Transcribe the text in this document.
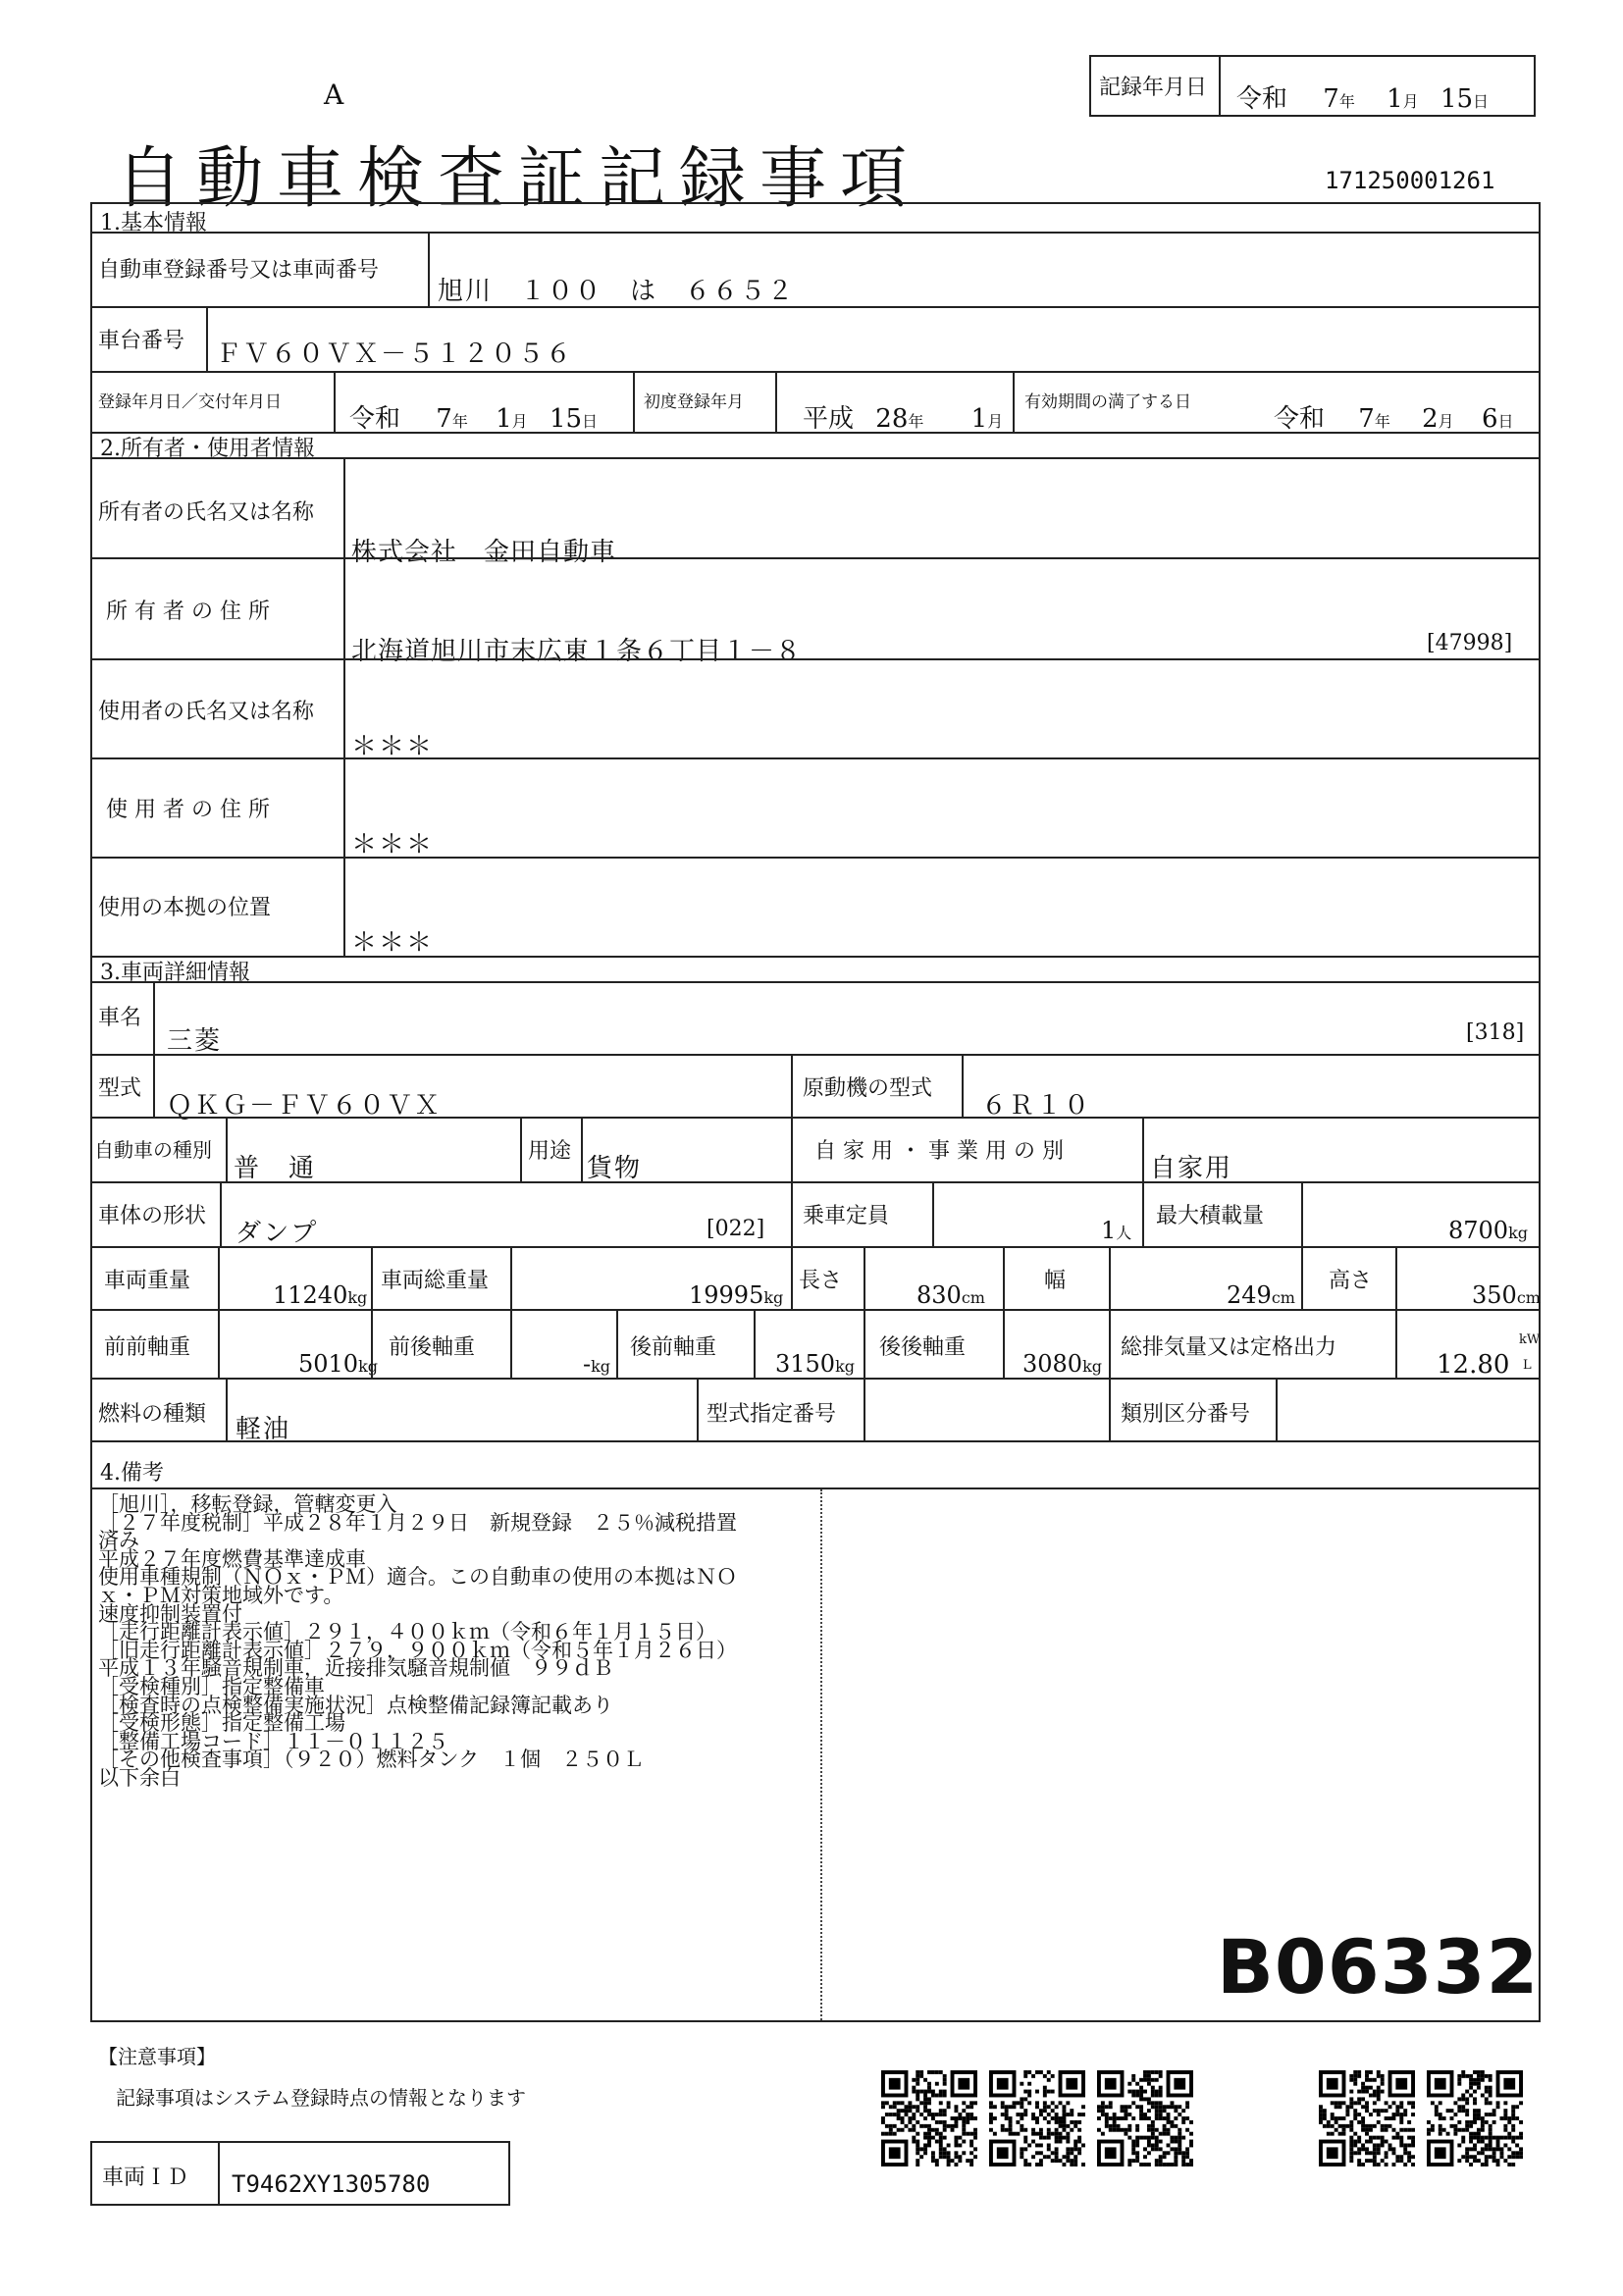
A
自動車検査証記録事項
記録年月日 令和 7年 1月 15日
171250001261
1.基本情報
自動車登録番号又は車両番号
旭川　１００　は　６６５２
車台番号 ＦＶ６０ＶＸ－５１２０５６
登録年月日／交付年月日
令和 7年 1月 15日
初度登録年月
平成 28年 1月
有効期間の満了する日
令和 7年 2月 6日
2.所有者・使用者情報
所有者の氏名又は名称
株式会社　金田自動車
所 有 者 の 住 所
北海道旭川市末広東１条６丁目１－８	[47998]
使用者の氏名又は名称
＊＊＊
使 用 者 の 住 所
＊＊＊
使用の本拠の位置
＊＊＊
3.車両詳細情報
車名
三菱	[318]
型式
ＱＫＧ－ＦＶ６０ＶＸ
原動機の型式
６Ｒ１０
自動車の種別
普　通
用途
貨物
自 家 用 ・ 事 業 用 の 別
自家用
車体の形状
ダンプ	[022]
乗車定員
1人
最大積載量
8700kg
車両重量
11240kg
車両総重量
19995kg
長さ
830cm
幅
249cm
高さ
350cm
前前軸重
5010kg
前後軸重
-kg
後前軸重
3150kg
後後軸重
3080kg
総排気量又は定格出力
12.80
kW
L
燃料の種類
軽油
型式指定番号	類別区分番号
4.備考
［旭川］，移転登録，管轄変更入
［２７年度税制］平成２８年１月２９日　新規登録　２５％減税措置
済み
平成２７年度燃費基準達成車
使用車種規制（ＮＯｘ・ＰＭ）適合。この自動車の使用の本拠はＮＯ
ｘ・ＰＭ対策地域外です。
速度抑制装置付
［走行距離計表示値］２９１，４００ｋｍ（令和６年１月１５日）
［旧走行距離計表示値］２７９，９００ｋｍ（令和５年１月２６日）
平成１３年騒音規制車，近接排気騒音規制値　９９ｄＢ
［受検種別］指定整備車
［検査時の点検整備実施状況］点検整備記録簿記載あり
［受検形態］指定整備工場
［整備工場コード］１１－０１１２５
［その他検査事項］（９２０）燃料タンク　１個　２５０Ｌ
以下余白
B06332
【注意事項】
記録事項はシステム登録時点の情報となります
車両ＩＤ T9462XY1305780
